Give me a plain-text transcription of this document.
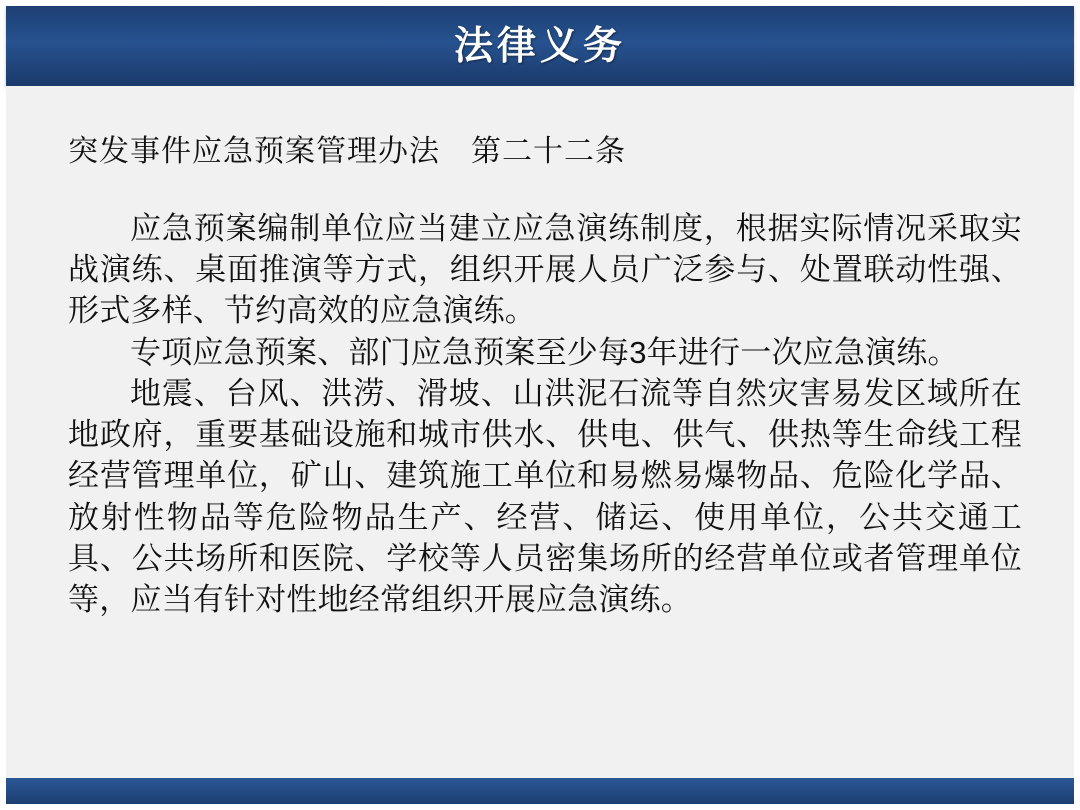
法律义务

突发事件应急预案管理办法　第二十二条

应急预案编制单位应当建立应急演练制度，根据实际情况采取实战演练、桌面推演等方式，组织开展人员广泛参与、处置联动性强、形式多样、节约高效的应急演练。

专项应急预案、部门应急预案至少每3年进行一次应急演练。

地震、台风、洪涝、滑坡、山洪泥石流等自然灾害易发区域所在地政府，重要基础设施和城市供水、供电、供气、供热等生命线工程经营管理单位，矿山、建筑施工单位和易燃易爆物品、危险化学品、放射性物品等危险物品生产、经营、储运、使用单位，公共交通工具、公共场所和医院、学校等人员密集场所的经营单位或者管理单位等，应当有针对性地经常组织开展应急演练。
